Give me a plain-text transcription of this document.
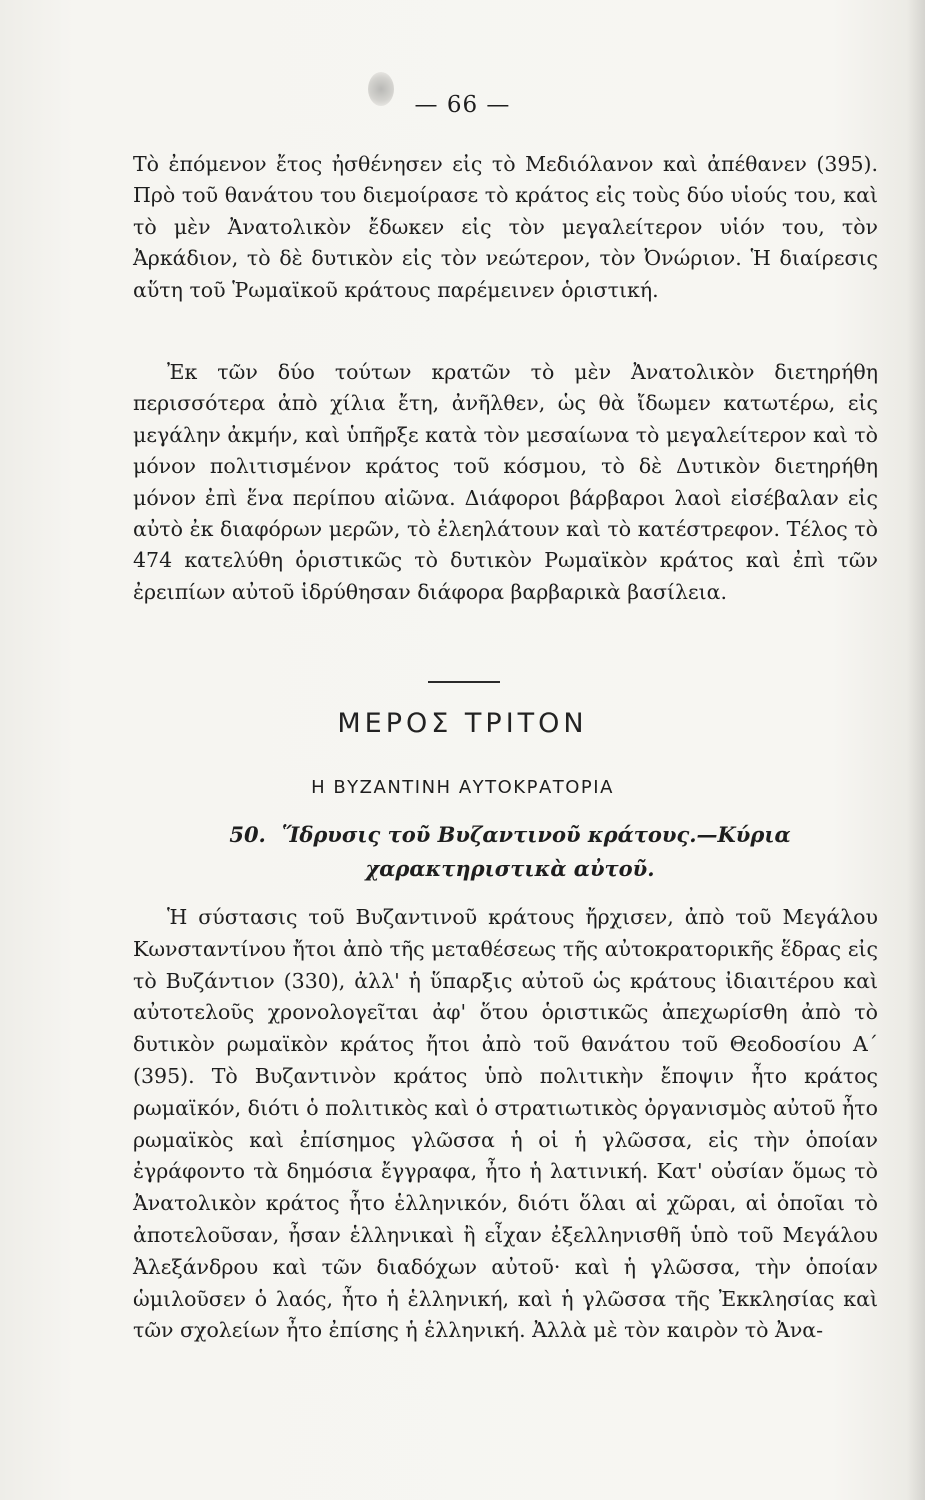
— 66 —

Τὸ ἐπόμενον ἔτος ἠσθένησεν εἰς τὸ Μεδιόλανον καὶ ἀπέθανεν (395). Πρὸ τοῦ θανάτου του διεμοίρασε τὸ κράτος εἰς τοὺς δύο υἱούς του, καὶ τὸ μὲν Ἀνατολικὸν ἔδωκεν εἰς τὸν μεγαλείτερον υἱόν του, τὸν Ἀρκάδιον, τὸ δὲ δυτικὸν εἰς τὸν νεώτερον, τὸν Ὀνώριον. Ἡ διαίρεσις αὕτη τοῦ Ῥωμαϊκοῦ κράτους παρέμεινεν ὁριστική.

Ἐκ τῶν δύο τούτων κρατῶν τὸ μὲν Ἀνατολικὸν διετηρήθη περισσότερα ἀπὸ χίλια ἔτη, ἀνῆλθεν, ὡς θὰ ἴδωμεν κατωτέρω, εἰς μεγάλην ἀκμήν, καὶ ὑπῆρξε κατὰ τὸν μεσαίωνα τὸ μεγαλείτερον καὶ τὸ μόνον πολιτισμένον κράτος τοῦ κόσμου, τὸ δὲ Δυτικὸν διετηρήθη μόνον ἐπὶ ἕνα περίπου αἰῶνα. Διάφοροι βάρβαροι λαοὶ εἰσέβαλαν εἰς αὐτὸ ἐκ διαφόρων μερῶν, τὸ ἐλεηλάτουν καὶ τὸ κατέστρεφον. Τέλος τὸ 474 κατελύθη ὁριστικῶς τὸ δυτικὸν Ρωμαϊκὸν κράτος καὶ ἐπὶ τῶν ἐρειπίων αὐτοῦ ἱδρύθησαν διάφορα βαρβαρικὰ βασίλεια.

ΜΕΡΟΣ ΤΡΙΤΟΝ
Η ΒΥΖΑΝΤΙΝΗ ΑΥΤΟΚΡΑΤΟΡΙΑ
50. Ἵδρυσις τοῦ Βυζαντινοῦ κράτους.—Κύρια χαρακτηριστικὰ αὐτοῦ.

Ἡ σύστασις τοῦ Βυζαντινοῦ κράτους ἤρχισεν, ἀπὸ τοῦ Μεγάλου Κωνσταντίνου ἤτοι ἀπὸ τῆς μεταθέσεως τῆς αὐτοκρατορικῆς ἕδρας εἰς τὸ Βυζάντιον (330), ἀλλ' ἡ ὕπαρξις αὐτοῦ ὡς κράτους ἰδιαιτέρου καὶ αὐτοτελοῦς χρονολογεῖται ἀφ' ὅτου ὁριστικῶς ἀπεχωρίσθη ἀπὸ τὸ δυτικὸν ρωμαϊκὸν κράτος ἤτοι ἀπὸ τοῦ θανάτου τοῦ Θεοδοσίου Α΄ (395). Τὸ Βυζαντινὸν κράτος ὑπὸ πολιτικὴν ἔποψιν ἦτο κράτος ρωμαϊκόν, διότι ὁ πολιτικὸς καὶ ὁ στρατιωτικὸς ὀργανισμὸς αὐτοῦ ἦτο ρωμαϊκὸς καὶ ἐπίσημος γλῶσσα ἡ οἱ ἡ γλῶσσα, εἰς τὴν ὁποίαν ἐγράφοντο τὰ δημόσια ἔγγραφα, ἦτο ἡ λατινική. Κατ' οὐσίαν ὅμως τὸ Ἀνατολικὸν κράτος ἦτο ἑλληνικόν, διότι ὅλαι αἱ χῶραι, αἱ ὁποῖαι τὸ ἀποτελοῦσαν, ἦσαν ἑλληνικαὶ ἢ εἶχαν ἐξελληνισθῆ ὑπὸ τοῦ Μεγάλου Ἀλεξάνδρου καὶ τῶν διαδόχων αὐτοῦ· καὶ ἡ γλῶσσα, τὴν ὁποίαν ὡμιλοῦσεν ὁ λαός, ἦτο ἡ ἑλληνική, καὶ ἡ γλῶσσα τῆς Ἐκκλησίας καὶ τῶν σχολείων ἦτο ἐπίσης ἡ ἑλληνική. Ἀλλὰ μὲ τὸν καιρὸν τὸ Ἀνα-
